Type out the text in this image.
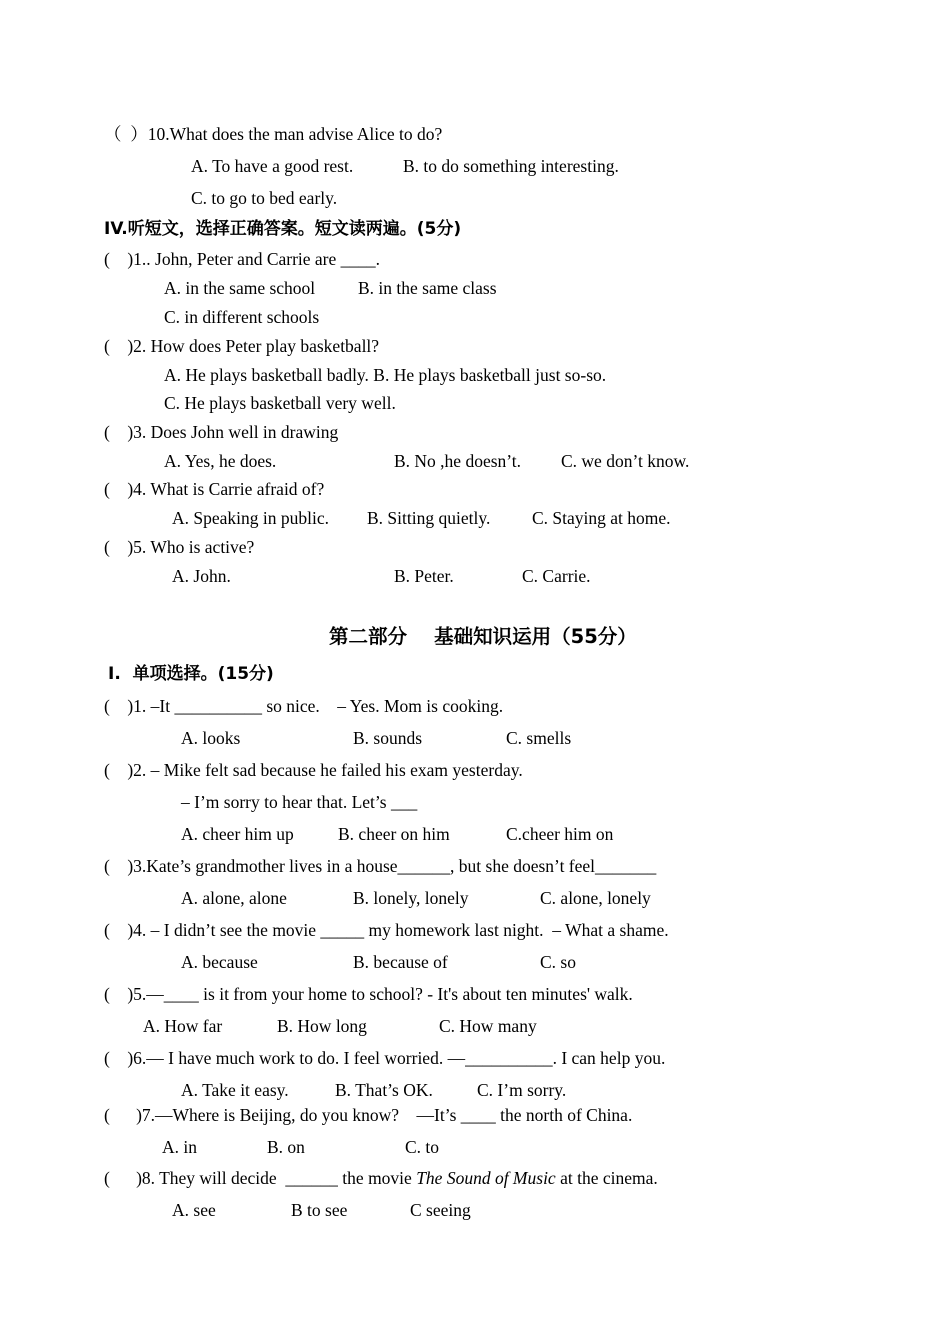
（  ）10.What does the man advise Alice to do?
A. To have a good rest.	B. to do something interesting.
C. to go to bed early.
IV.听短文，选择正确答案。短文读两遍。(5分)
(    )1.. John, Peter and Carrie are ____.
A. in the same school B. in the same class
C. in different schools
(    )2. How does Peter play basketball?
A. He plays basketball badly. B. He plays basketball just so-so.
C. He plays basketball very well.
(    )3. Does John well in drawing
A. Yes, he does.	B. No ,he doesn’t. C. we don’t know.
(    )4. What is Carrie afraid of?
A. Speaking in public. B. Sitting quietly. C. Staying at home.
(    )5. Who is active?
A. John.	B. Peter.	C. Carrie.
第二部分    基础知识运用（55分）
Ⅰ.  单项选择。(15分)
(    )1. –It __________ so nice.    – Yes. Mom is cooking.
A. looks	B. sounds	C. smells
(    )2. – Mike felt sad because he failed his exam yesterday.
– I’m sorry to hear that. Let’s ___
A. cheer him up	B. cheer on him	C.cheer him on
(    )3.Kate’s grandmother lives in a house______, but she doesn’t feel_______
A. alone, alone	B. lonely, lonely	C. alone, lonely
(    )4. – I didn’t see the movie _____ my homework last night.  – What a shame.
A. because	B. because of	C. so
(    )5.—____ is it from your home to school? - It's about ten minutes' walk.
A. How far	B. How long	C. How many
(    )6.— I have much work to do. I feel worried. —__________. I can help you.
A. Take it easy.	B. That’s OK.	C. I’m sorry.
(      )7.—Where is Beijing, do you know?    —It’s ____ the north of China.
A. in	B. on	C. to
(      )8. They will decide  ______ the movie The Sound of Music at the cinema.
A. see	B to see	C seeing
